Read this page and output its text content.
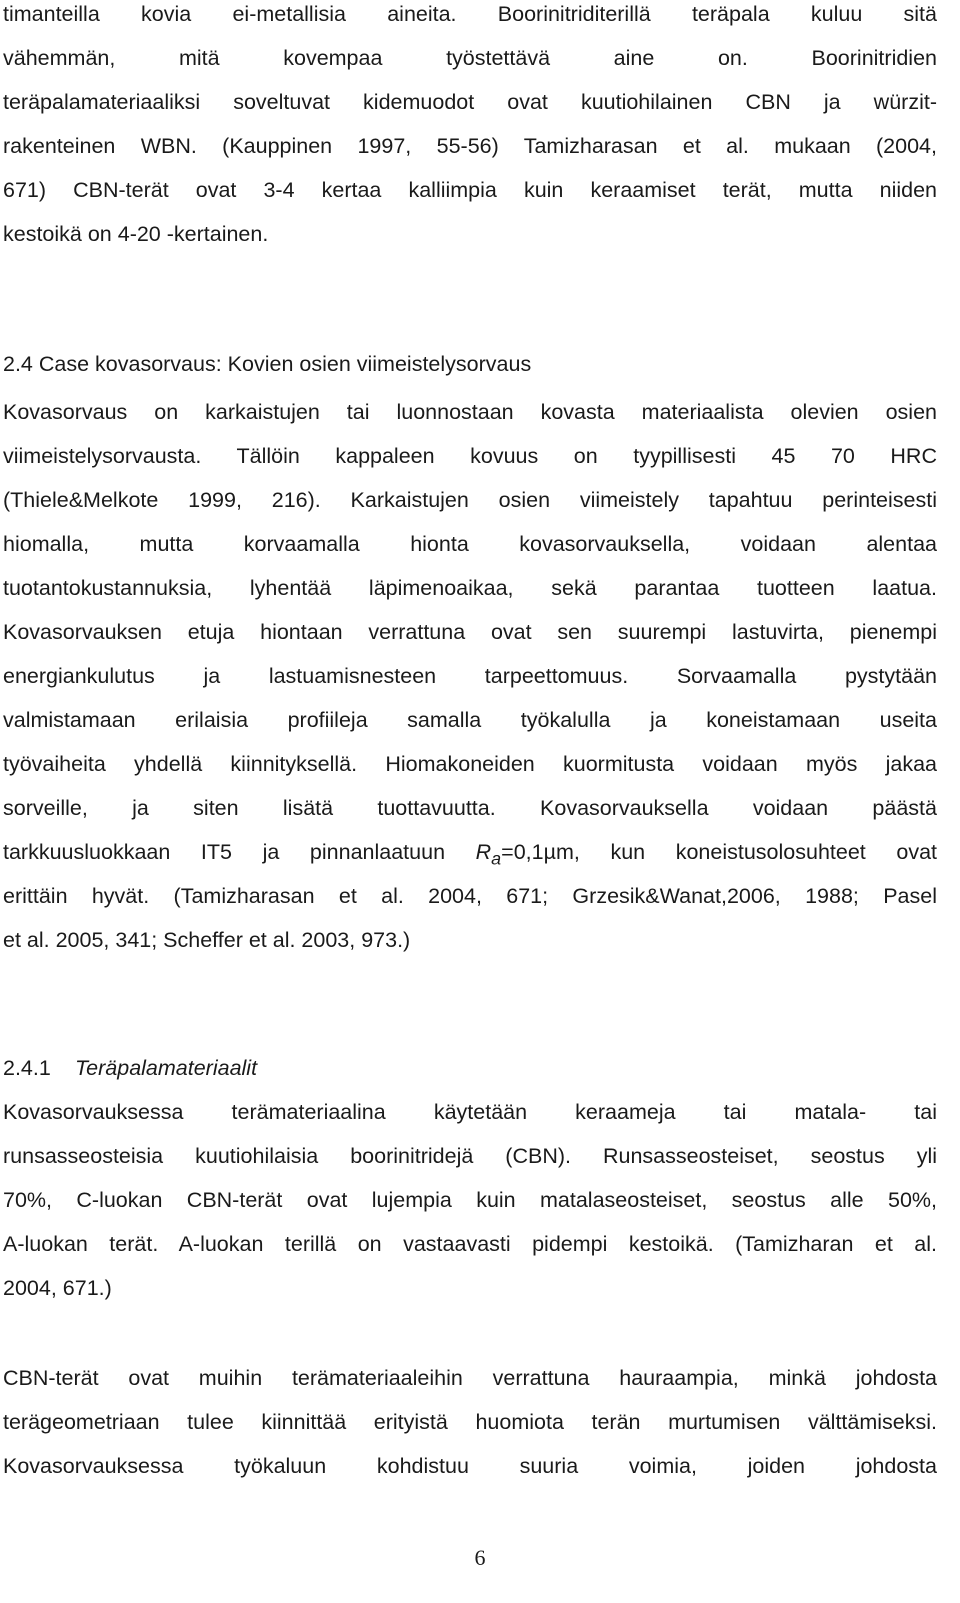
timanteilla kovia ei-metallisia aineita. Boorinitriditerillä teräpala kuluu sitä
vähemmän, mitä kovempaa työstettävä aine on. Boorinitridien
teräpalamateriaaliksi soveltuvat kidemuodot ovat kuutiohilainen CBN ja würzit-
rakenteinen WBN. (Kauppinen 1997, 55-56) Tamizharasan et al. mukaan (2004,
671) CBN-terät ovat 3-4 kertaa kalliimpia kuin keraamiset terät, mutta niiden
kestoikä on 4-20 -kertainen.
2.4 Case kovasorvaus: Kovien osien viimeistelysorvaus
Kovasorvaus on karkaistujen tai luonnostaan kovasta materiaalista olevien osien
viimeistelysorvausta. Tällöin kappaleen kovuus on tyypillisesti 45 70 HRC
(Thiele&Melkote 1999, 216). Karkaistujen osien viimeistely tapahtuu perinteisesti
hiomalla, mutta korvaamalla hionta kovasorvauksella, voidaan alentaa
tuotantokustannuksia, lyhentää läpimenoaikaa, sekä parantaa tuotteen laatua.
Kovasorvauksen etuja hiontaan verrattuna ovat sen suurempi lastuvirta, pienempi
energiankulutus ja lastuamisnesteen tarpeettomuus. Sorvaamalla pystytään
valmistamaan erilaisia profiileja samalla työkalulla ja koneistamaan useita
työvaiheita yhdellä kiinnityksellä. Hiomakoneiden kuormitusta voidaan myös jakaa
sorveille, ja siten lisätä tuottavuutta. Kovasorvauksella voidaan päästä
tarkkuusluokkaan IT5 ja pinnanlaatuun $R_a=0,1\mu m$, kun koneistusolosuhteet ovat
erittäin hyvät. (Tamizharasan et al. 2004, 671; Grzesik&Wanat,2006, 1988; Pasel
et al. 2005, 341; Scheffer et al. 2003, 973.)
2.4.1 Teräpalamateriaalit
Kovasorvauksessa terämateriaalina käytetään keraameja tai matala- tai
runsasseosteisia kuutiohilaisia boorinitridejä (CBN). Runsasseosteiset, seostus yli
70%, C-luokan CBN-terät ovat lujempia kuin matalaseosteiset, seostus alle 50%,
A-luokan terät. A-luokan terillä on vastaavasti pidempi kestoikä. (Tamizharan et al.
2004, 671.)
CBN-terät ovat muihin terämateriaaleihin verrattuna hauraampia, minkä johdosta
terägeometriaan tulee kiinnittää erityistä huomiota terän murtumisen välttämiseksi.
Kovasorvauksessa työkaluun kohdistuu suuria voimia, joiden johdosta
6
